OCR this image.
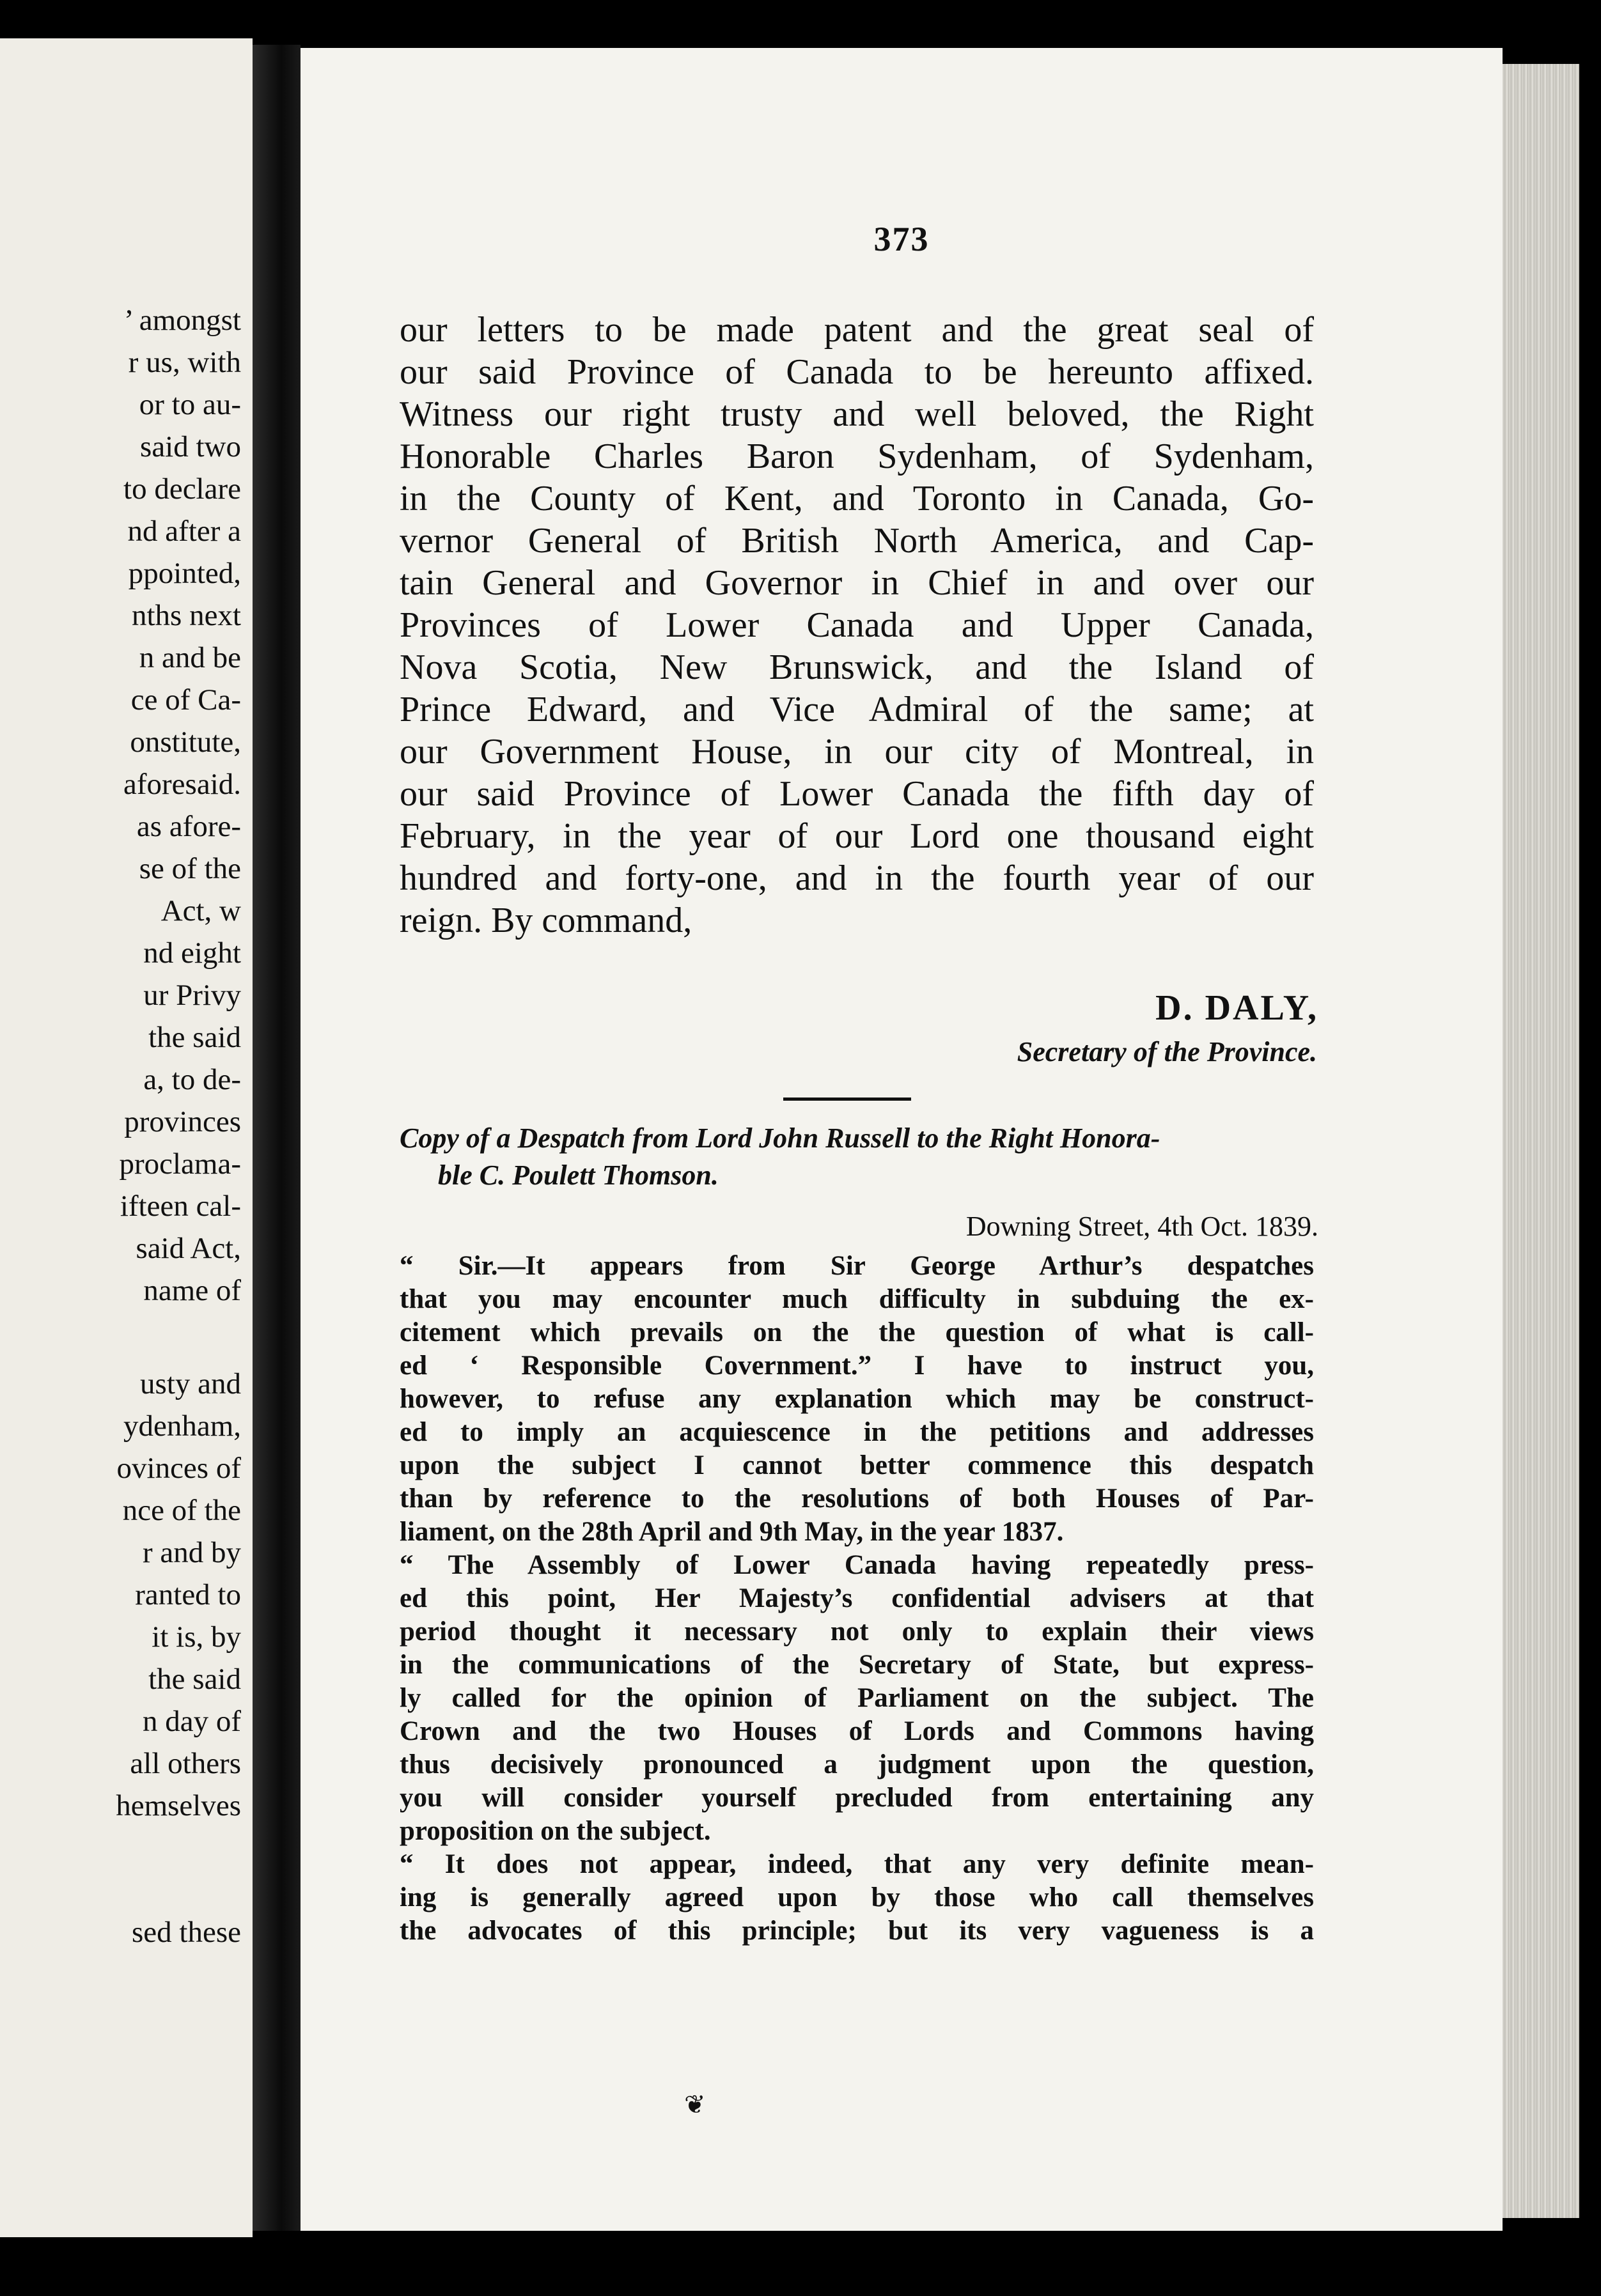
’ amongst
r us, with
or to au-
said two
to declare
nd after a
ppointed,
nths next
n and be
ce of Ca-
onstitute,
aforesaid.
as afore-
se of the
Act, w
nd eight
ur Privy
the said
a, to de-
provinces
proclama-
ifteen cal-
said Act,
name of
usty and
ydenham,
ovinces of
nce of the
r and by
ranted to
it is, by
the said
n day of
all others
hemselves
sed these
373
our letters to be made patent and the great seal of
our said Province of Canada to be hereunto affixed.
Witness our right trusty and well beloved, the Right
Honorable Charles Baron Sydenham, of Sydenham,
in the County of Kent, and Toronto in Canada, Go-
vernor General of British North America, and Cap-
tain General and Governor in Chief in and over our
Provinces of Lower Canada and Upper Canada,
Nova Scotia, New Brunswick, and the Island of
Prince Edward, and Vice Admiral of the same; at
our Government House, in our city of Montreal, in
our said Province of Lower Canada the fifth day of
February, in the year of our Lord one thousand eight
hundred and forty-one, and in the fourth year of our
reign. By command,
D. DALY,
Secretary of the Province.
Copy of a Despatch from Lord John Russell to the Right Honora-
ble C. Poulett Thomson.
Downing Street, 4th Oct. 1839.
“ Sir.—It appears from Sir George Arthur’s despatches
that you may encounter much difficulty in subduing the ex-
citement which prevails on the the question of what is call-
ed ‘ Responsible Covernment.” I have to instruct you,
however, to refuse any explanation which may be construct-
ed to imply an acquiescence in the petitions and addresses
upon the subject I cannot better commence this despatch
than by reference to the resolutions of both Houses of Par-
liament, on the 28th April and 9th May, in the year 1837.
“ The Assembly of Lower Canada having repeatedly press-
ed this point, Her Majesty’s confidential advisers at that
period thought it necessary not only to explain their views
in the communications of the Secretary of State, but express-
ly called for the opinion of Parliament on the subject. The
Crown and the two Houses of Lords and Commons having
thus decisively pronounced a judgment upon the question,
you will consider yourself precluded from entertaining any
proposition on the subject.
“ It does not appear, indeed, that any very definite mean-
ing is generally agreed upon by those who call themselves
the advocates of this principle; but its very vagueness is a
❦
